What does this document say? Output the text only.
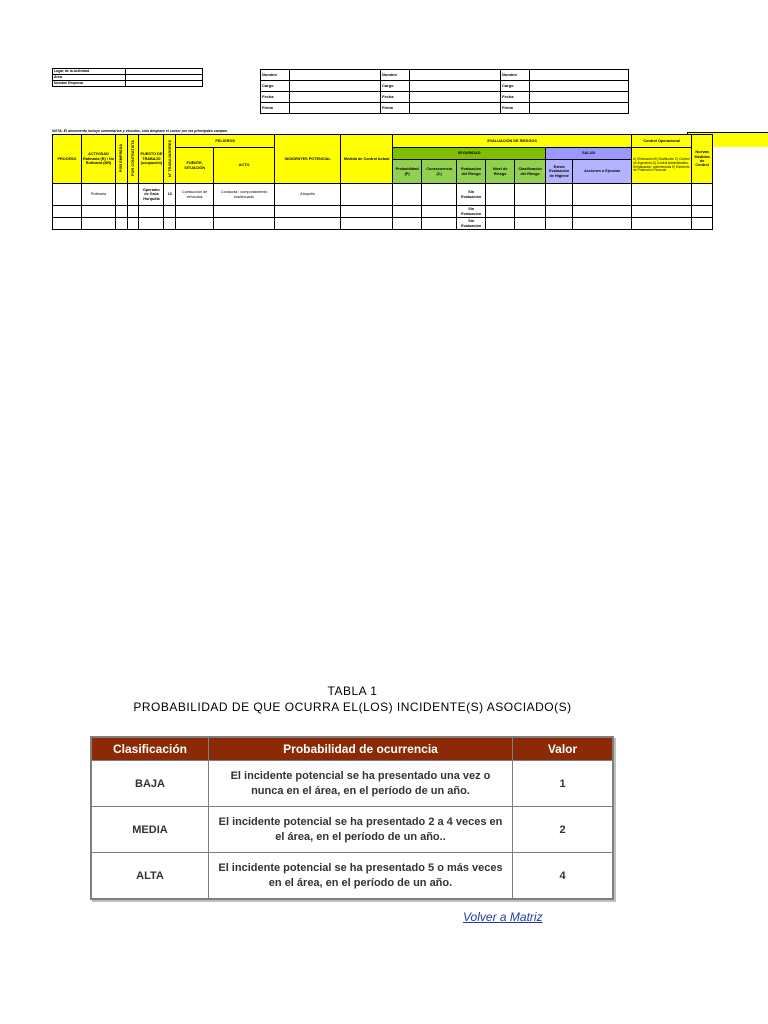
Lugar de la Actividad	
Área	
Nombre Empresa	
Nombre		Nombre		Nombre	
Cargo		Cargo		Cargo	
Fecha		Fecha		Fecha	
Firma		Firma		Firma	
NOTA: El documento incluye comentarios y vínculos, sólo desplace el cursor por los principales campos.
PROCESO	ACTIVIDAD Rutinaria (R) / No Rutinaria (NR)	POR EMPRESA	POR CONTRATISTA	PUESTO DE TRABAJO (ocupación)	N° TRABAJADORES	PELIGROS		INCIDENTES POTENCIAL	Medida de Control Actual	EVALUACIÓN DE RIESGOS							Control Operacional	Nuevas Medidas de Control
						FUENTE, SITUACIÓN	ACTO			SEGURIDAD					SALUD		A) Eliminación B) Sustitución C) Control de Ingeniería D) Control Administrativo, Señalización, advertencias E) Elemento de Protección Personal	
										Probabilidad (P)	Consecuencia (C)	Evaluación del Riesgo	Nivel de Riesgo	Clasificación del Riesgo	Existe Evaluación de Higiene	Acciones a Ejecutar		
	Rutinaria			Operador de Grúa Horquilla	10	Conducción de vehículos	Conducta / comportamiento inadecuado	Atropello				Sin Evaluación						
												Sin Evaluación						
												Sin Evaluación						
TABLA 1
PROBABILIDAD DE QUE OCURRA EL(LOS) INCIDENTE(S) ASOCIADO(S)
Clasificación	Probabilidad de ocurrencia	Valor
BAJA	El incidente potencial se ha presentado una vez o nunca en el área, en el período de un año.	1
MEDIA	El incidente potencial se ha presentado 2 a 4 veces en el área, en el período de un año..	2
ALTA	El incidente potencial se ha presentado 5 o más veces en el área, en el período de un año.	4
Volver a Matriz
